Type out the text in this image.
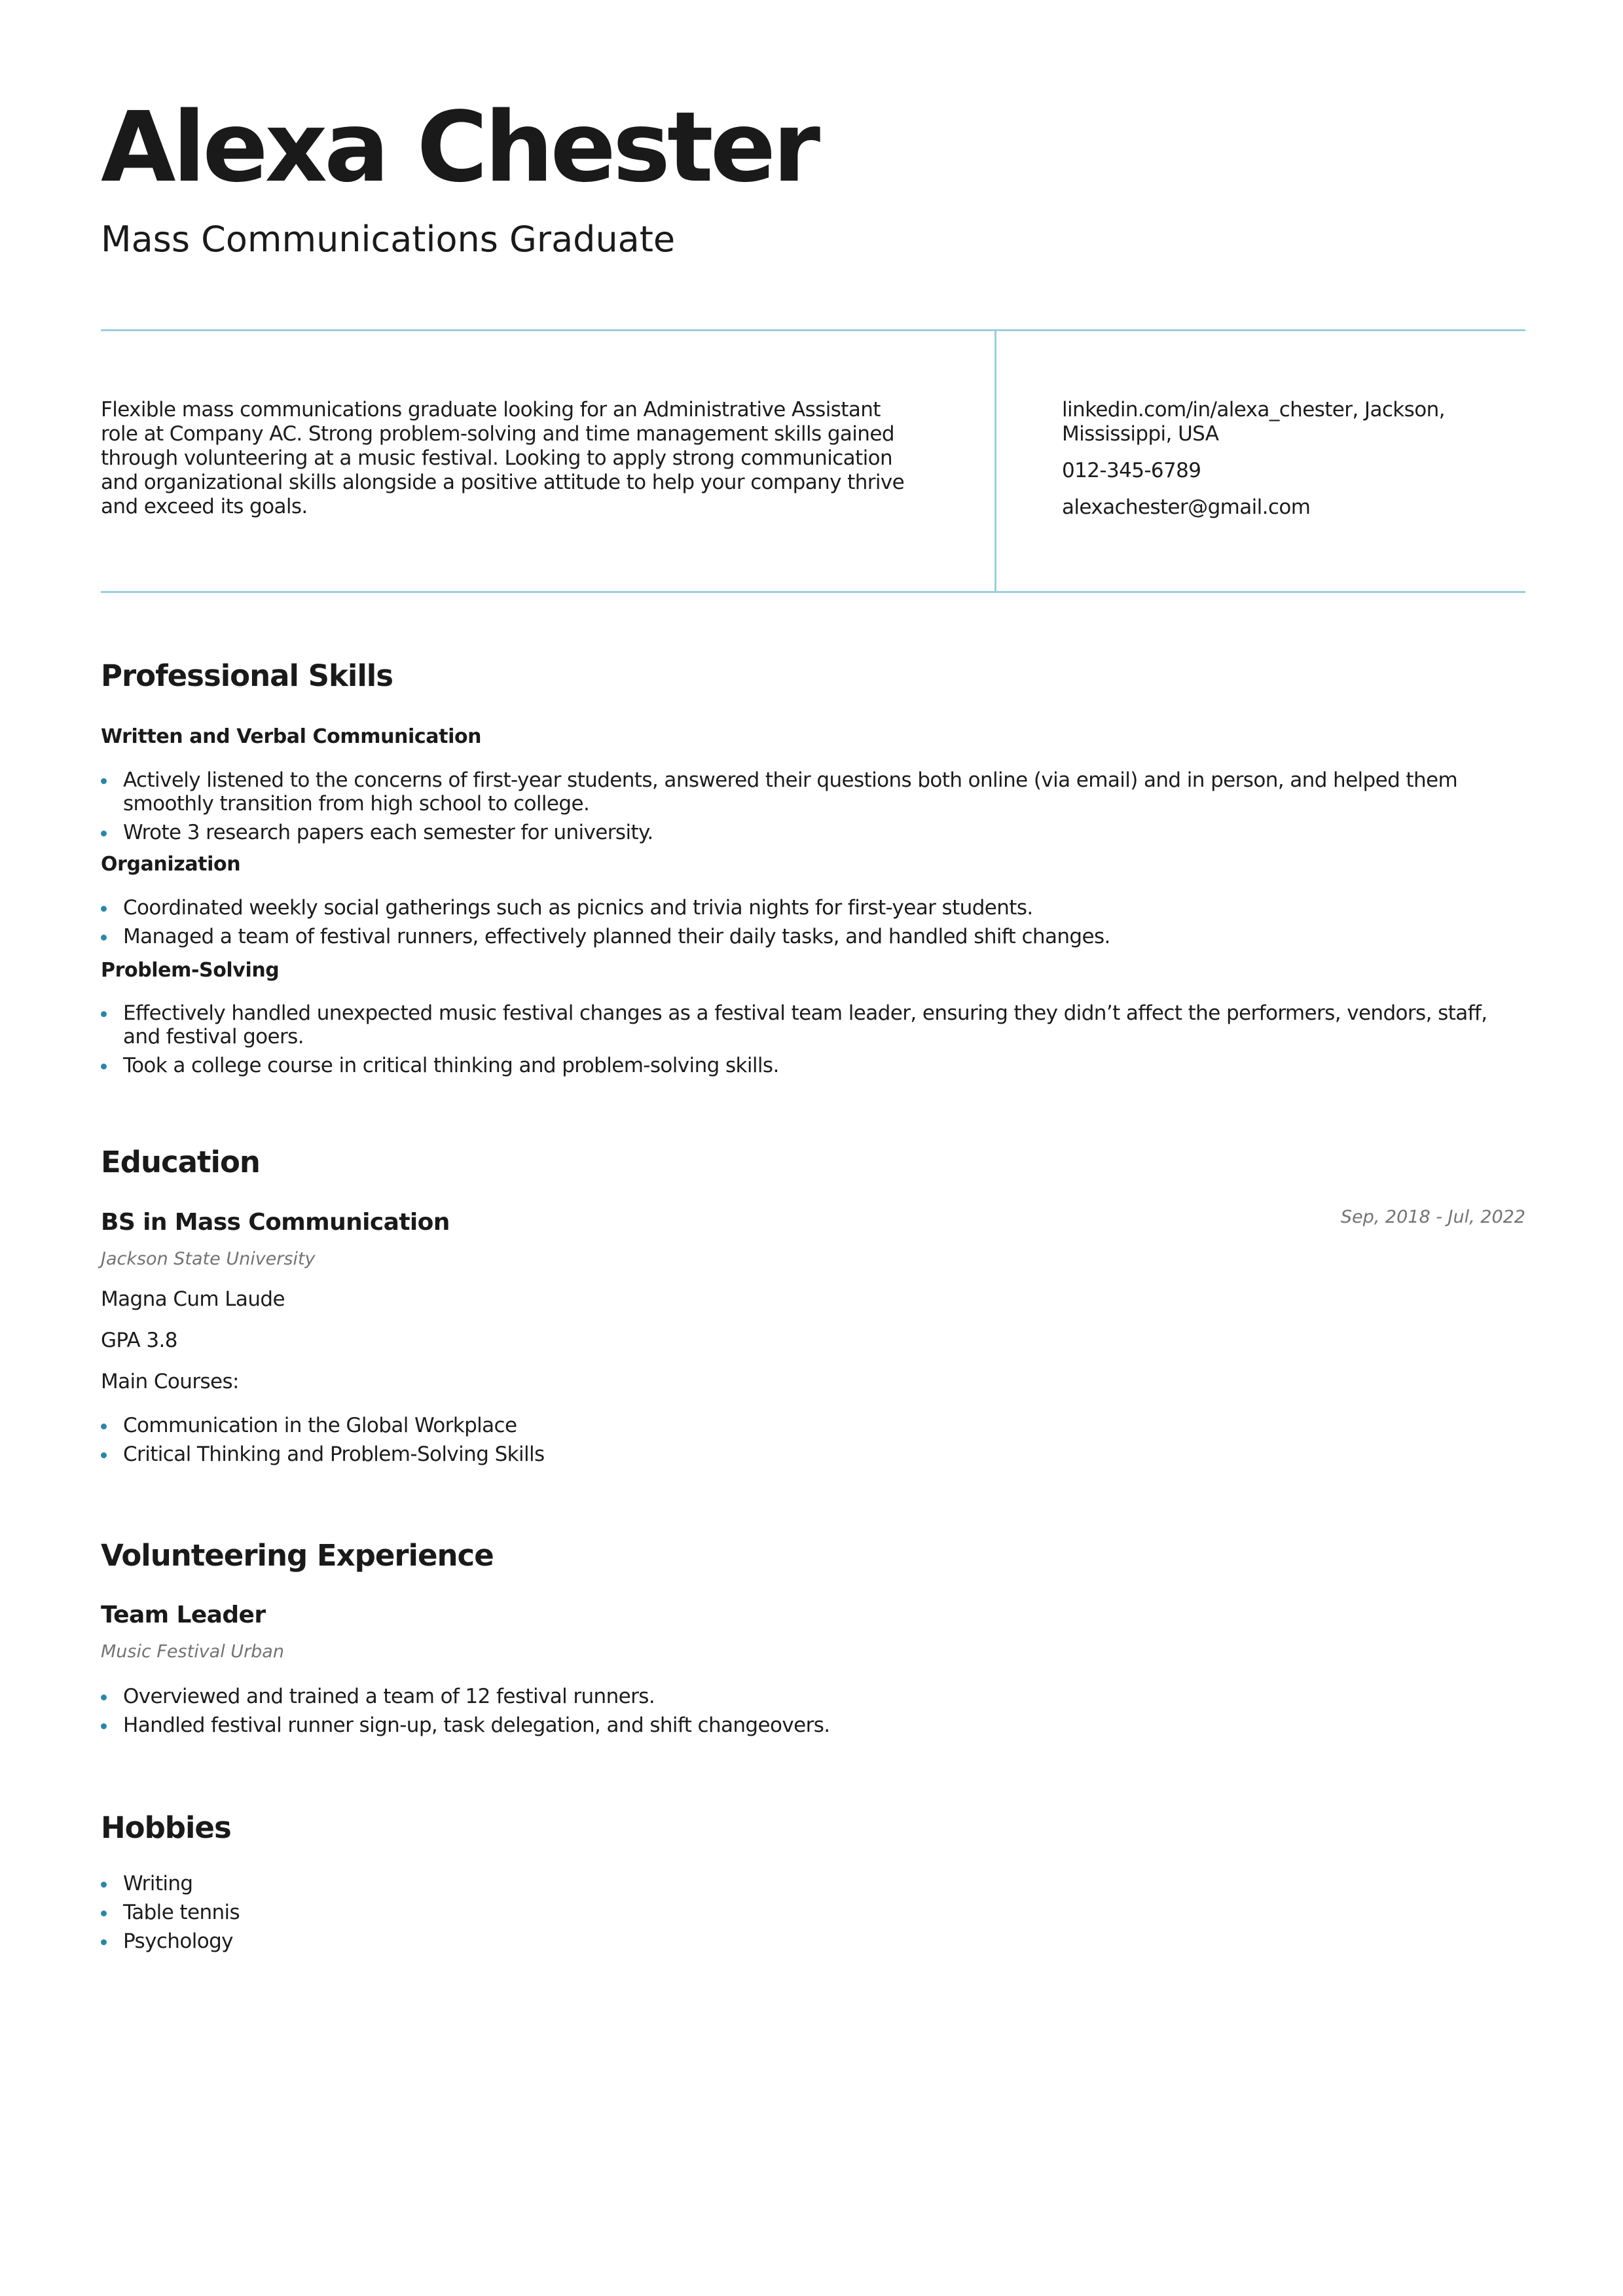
Alexa Chester
Mass Communications Graduate
Flexible mass communications graduate looking for an Administrative Assistant role at Company AC. Strong problem-solving and time management skills gained through volunteering at a music festival. Looking to apply strong communication and organizational skills alongside a positive attitude to help your company thrive and exceed its goals.
linkedin.com/in/alexa_chester, Jackson, Mississippi, USA
012-345-6789
alexachester@gmail.com
Professional Skills
Written and Verbal Communication
Actively listened to the concerns of first-year students, answered their questions both online (via email) and in person, and helped them smoothly transition from high school to college.
Wrote 3 research papers each semester for university.
Organization
Coordinated weekly social gatherings such as picnics and trivia nights for first-year students.
Managed a team of festival runners, effectively planned their daily tasks, and handled shift changes.
Problem-Solving
Effectively handled unexpected music festival changes as a festival team leader, ensuring they didn’t affect the performers, vendors, staff, and festival goers.
Took a college course in critical thinking and problem-solving skills.
Education
BS in Mass Communication	Sep, 2018 - Jul, 2022
Jackson State University
Magna Cum Laude
GPA 3.8
Main Courses:
Communication in the Global Workplace
Critical Thinking and Problem-Solving Skills
Volunteering Experience
Team Leader
Music Festival Urban
Overviewed and trained a team of 12 festival runners.
Handled festival runner sign-up, task delegation, and shift changeovers.
Hobbies
Writing
Table tennis
Psychology
